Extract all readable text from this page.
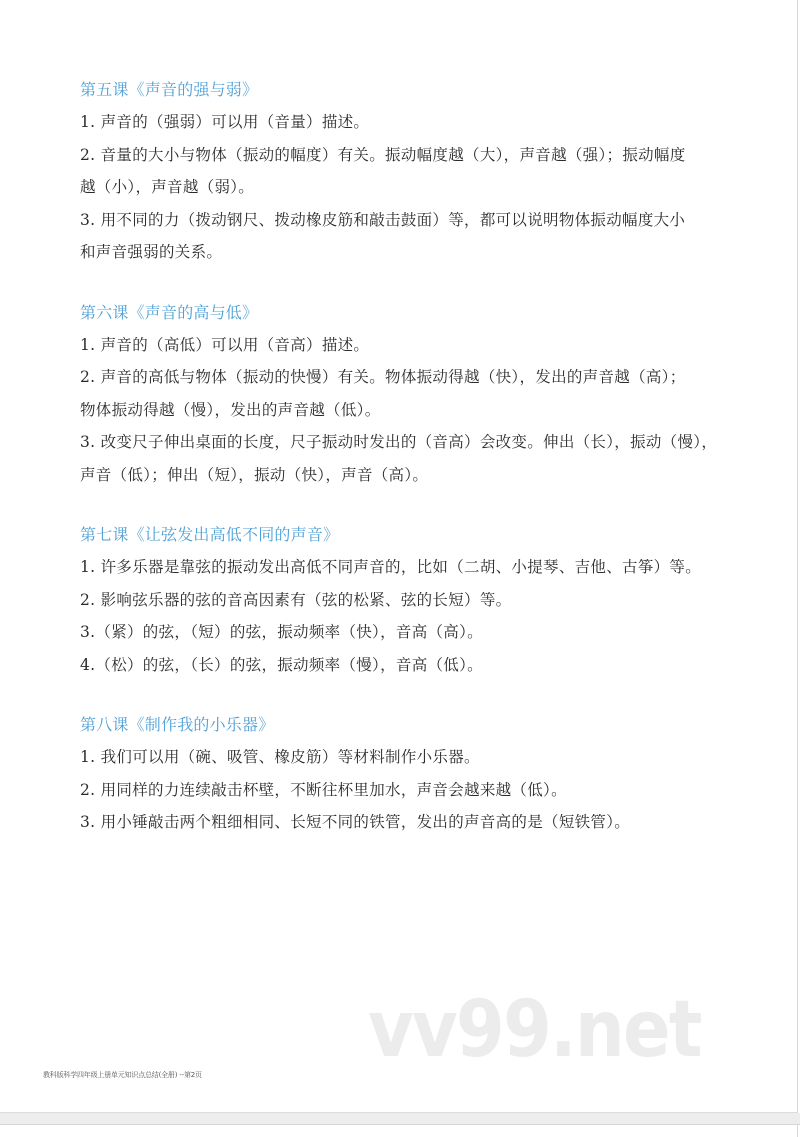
第五课《声音的强与弱》
1. 声音的（强弱）可以用（音量）描述。
2. 音量的大小与物体（振动的幅度）有关。振动幅度越（大），声音越（强）；振动幅度
越（小），声音越（弱）。
3. 用不同的力（拨动钢尺、拨动橡皮筋和敲击鼓面）等，都可以说明物体振动幅度大小
和声音强弱的关系。
第六课《声音的高与低》
1. 声音的（高低）可以用（音高）描述。
2. 声音的高低与物体（振动的快慢）有关。物体振动得越（快），发出的声音越（高）；
物体振动得越（慢），发出的声音越（低）。
3. 改变尺子伸出桌面的长度，尺子振动时发出的（音高）会改变。伸出（长），振动（慢），
声音（低）；伸出（短），振动（快），声音（高）。
第七课《让弦发出高低不同的声音》
1. 许多乐器是靠弦的振动发出高低不同声音的，比如（二胡、小提琴、吉他、古筝）等。
2. 影响弦乐器的弦的音高因素有（弦的松紧、弦的长短）等。
3.（紧）的弦，（短）的弦，振动频率（快），音高（高）。
4.（松）的弦，（长）的弦，振动频率（慢），音高（低）。
第八课《制作我的小乐器》
1. 我们可以用（碗、吸管、橡皮筋）等材料制作小乐器。
2. 用同样的力连续敲击杯壁，不断往杯里加水，声音会越来越（低）。
3. 用小锤敲击两个粗细相同、长短不同的铁管，发出的声音高的是（短铁管）。
vv99.net
教科版科学四年级上册单元知识点总结(全册) --第2页
